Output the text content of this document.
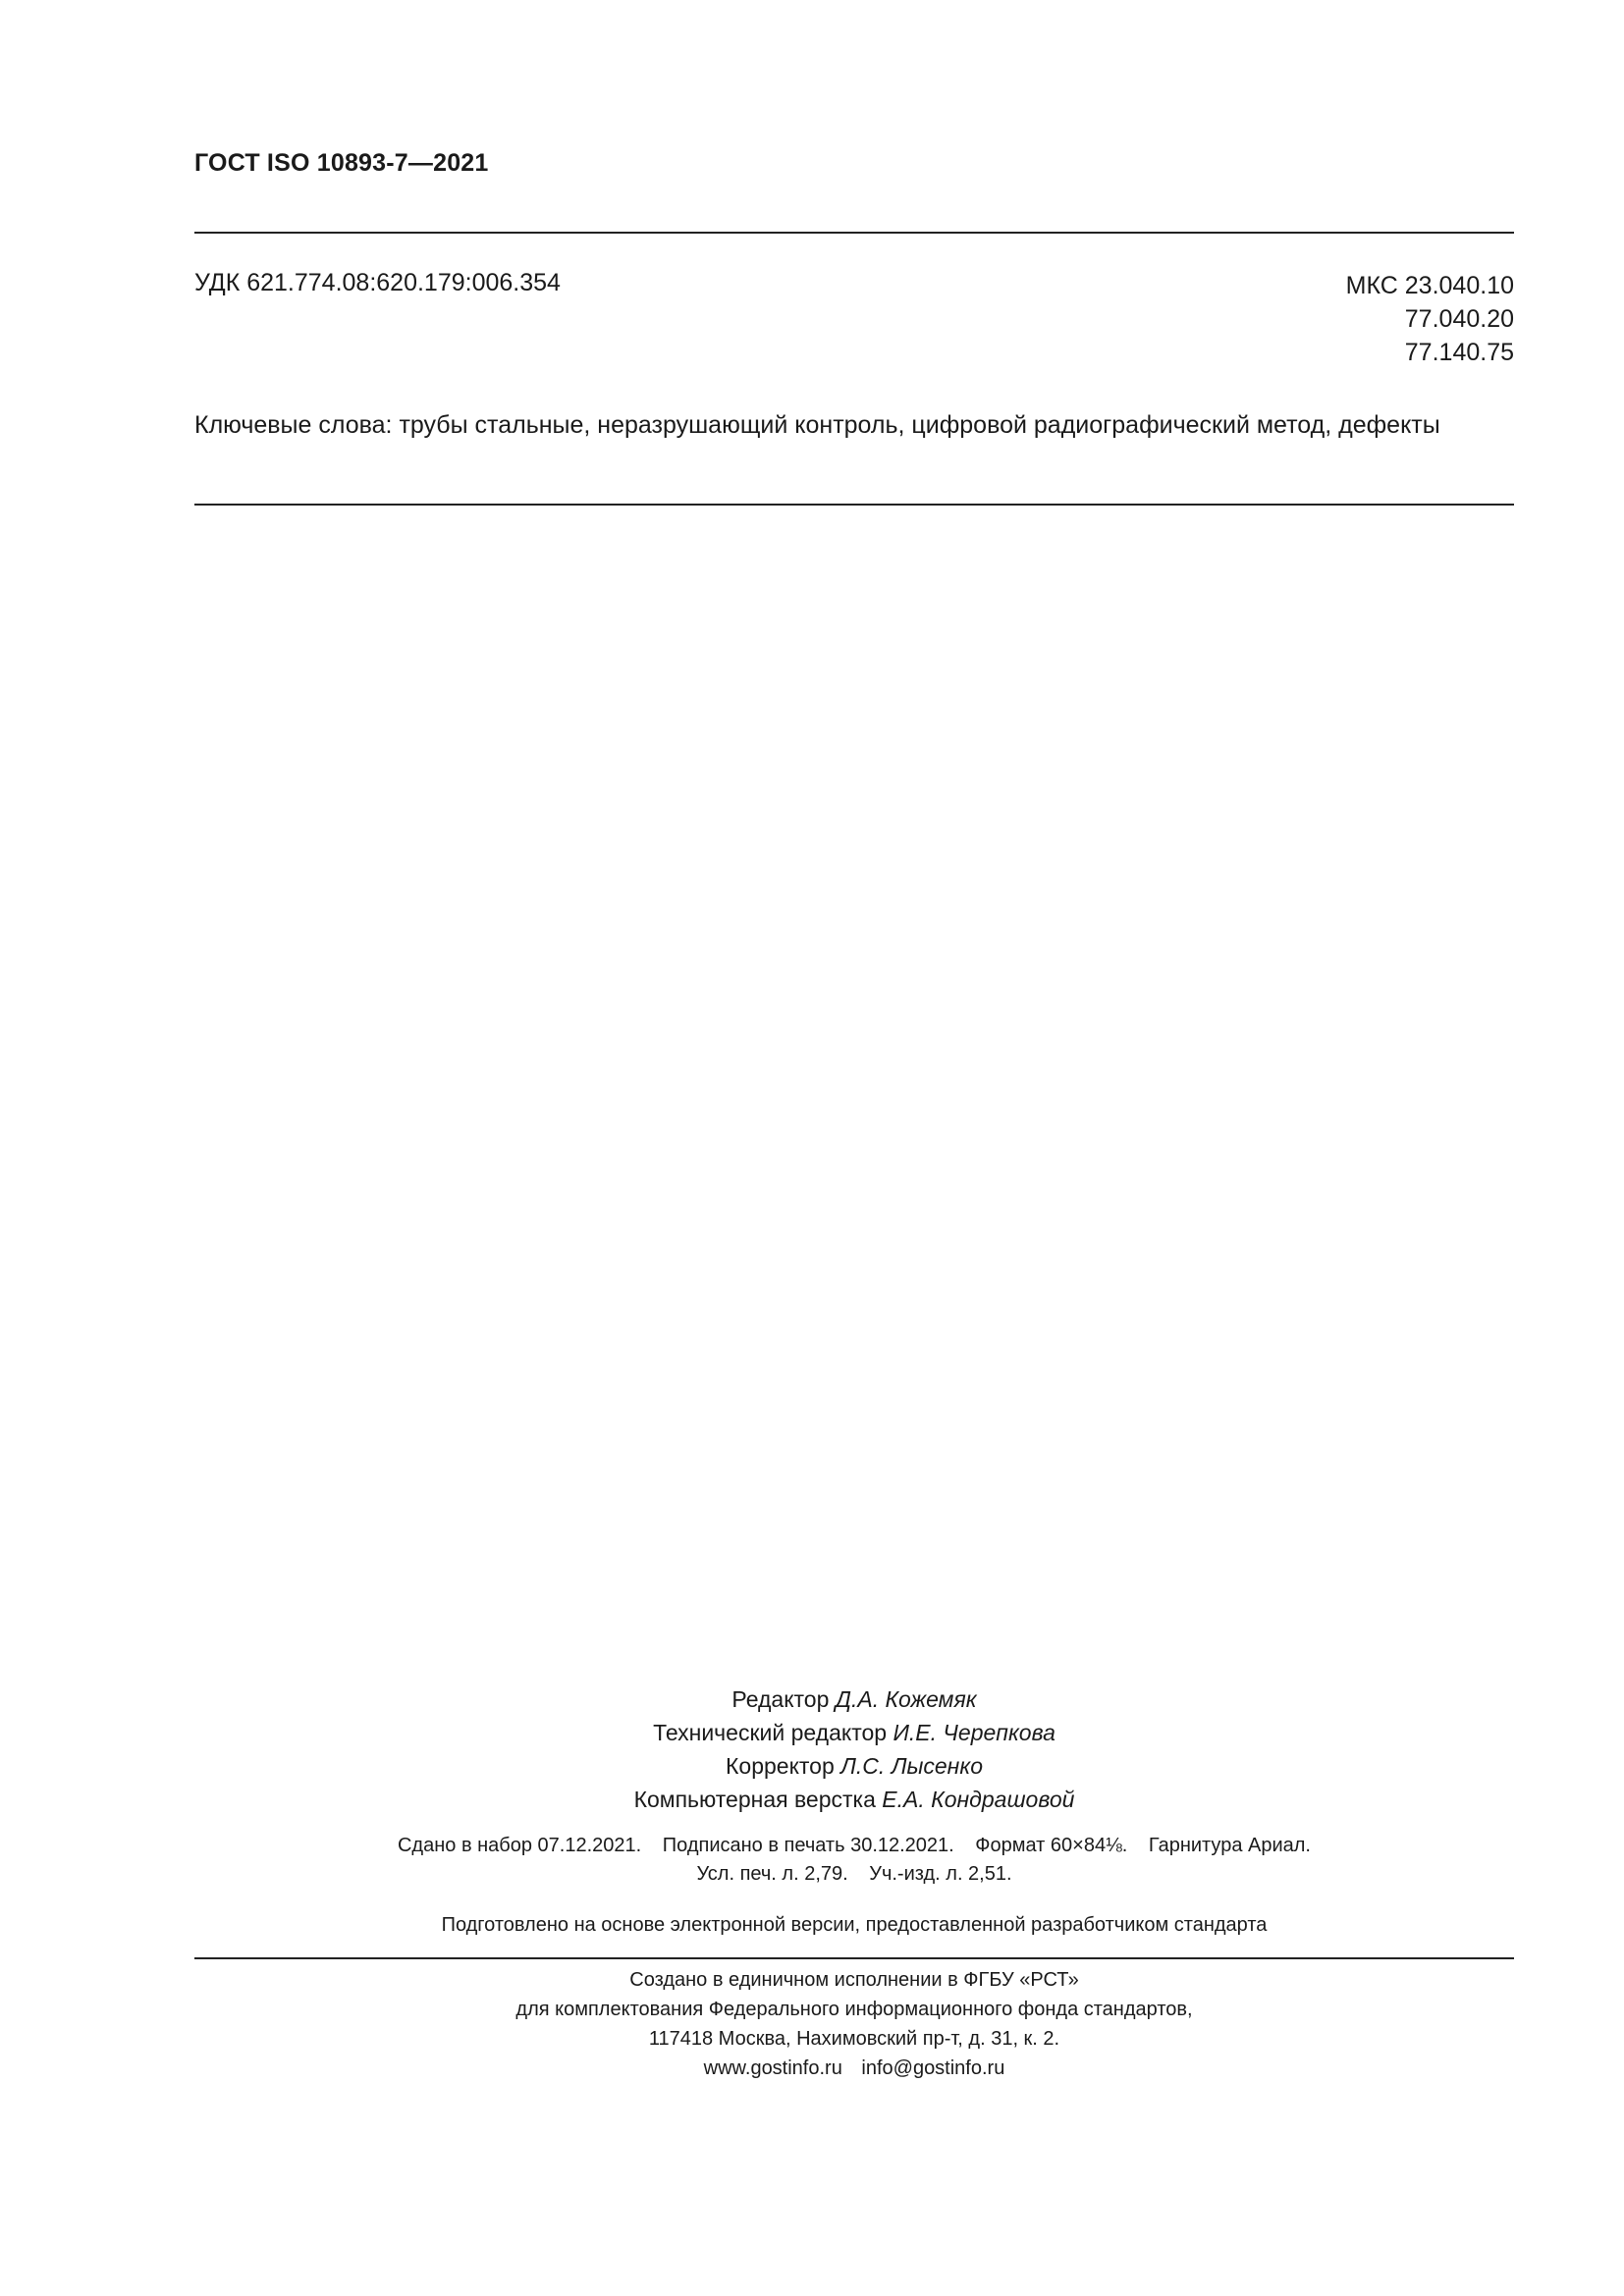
ГОСТ ISO 10893-7—2021
УДК 621.774.08:620.179:006.354	МКС 23.040.10
77.040.20
77.140.75
Ключевые слова: трубы стальные, неразрушающий контроль, цифровой радиографический метод, дефекты
Редактор Д.А. Кожемяк
Технический редактор И.Е. Черепкова
Корректор Л.С. Лысенко
Компьютерная верстка Е.А. Кондрашовой
Сдано в набор 07.12.2021. Подписано в печать 30.12.2021. Формат 60×84⅛. Гарнитура Ариал.
Усл. печ. л. 2,79. Уч.-изд. л. 2,51.
Подготовлено на основе электронной версии, предоставленной разработчиком стандарта
Создано в единичном исполнении в ФГБУ «РСТ»
для комплектования Федерального информационного фонда стандартов,
117418 Москва, Нахимовский пр-т, д. 31, к. 2.
www.gostinfo.ru info@gostinfo.ru
